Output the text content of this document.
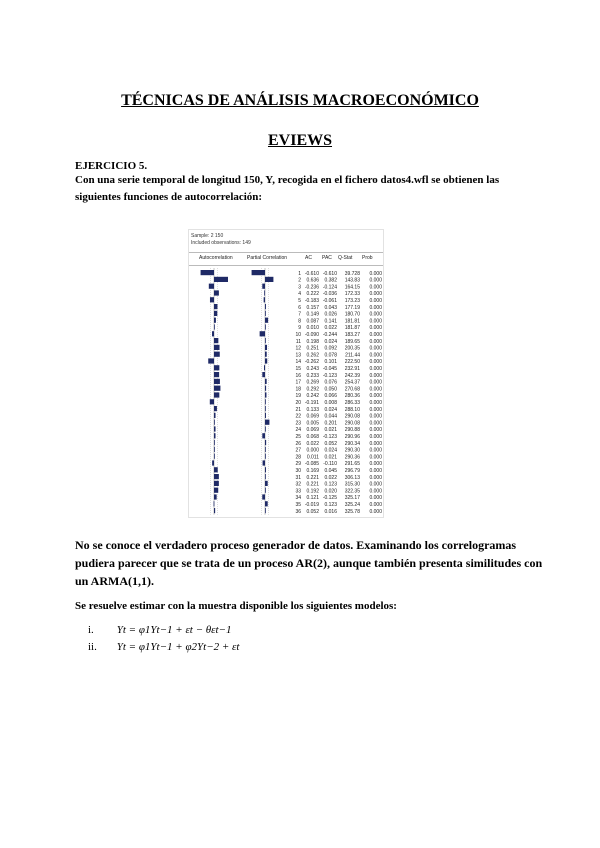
TÉCNICAS DE ANÁLISIS MACROECONÓMICO
EVIEWS
EJERCICIO 5.
Con una serie temporal de longitud 150, Y, recogida en el fichero datos4.wfl se obtienen las siguientes funciones de autocorrelación:
Sample: 2 150
Included observations: 149
Autocorrelation	Partial Correlation	AC PAC Q-Stat Prob
1 -0.610 -0.610 39.728 0.000
2 0.636 0.382 143.83 0.000
3 -0.236 -0.124 164.15 0.000
4 0.222 -0.036 172.33 0.000
5 -0.183 -0.061 173.23 0.000
6 0.157 0.043 177.19 0.000
7 0.149 0.026 180.70 0.000
8 0.087 0.141 181.81 0.000
9 0.010 0.022 181.87 0.000
10 -0.090 -0.244 183.27 0.000
11 0.198 0.024 189.65 0.000
12 0.251 0.092 200.35 0.000
13 0.262 0.078 211.44 0.000
14 -0.262 0.101 222.50 0.000
15 0.243 -0.045 232.91 0.000
16 0.233 -0.123 242.39 0.000
17 0.269 0.076 254.37 0.000
18 0.292 0.050 270.68 0.000
19 0.242 0.066 280.36 0.000
20 -0.191 0.008 286.33 0.000
21 0.133 0.024 288.10 0.000
22 0.069 0.044 290.08 0.000
23 0.005 0.201 290.08 0.000
24 0.069 0.021 290.88 0.000
25 0.068 -0.123 290.96 0.000
26 0.022 0.052 290.34 0.000
27 0.000 0.024 290.30 0.000
28 0.011 0.021 290.36 0.000
29 -0.085 -0.110 291.65 0.000
30 0.169 0.045 296.79 0.000
31 0.221 0.022 306.13 0.000
32 0.221 0.123 315.30 0.000
33 0.192 0.020 322.35 0.000
34 0.121 -0.125 325.17 0.000
35 -0.019 0.123 325.24 0.000
36 0.052 0.016 325.78 0.000
No se conoce el verdadero proceso generador de datos. Examinando los correlogramas pudiera parecer que se trata de un proceso AR(2), aunque también presenta similitudes con un ARMA(1,1).
Se resuelve estimar con la muestra disponible los siguientes modelos:
i. Yt = φ1Yt−1 + εt − θεt−1
ii. Yt = φ1Yt−1 + φ2Yt−2 + εt
